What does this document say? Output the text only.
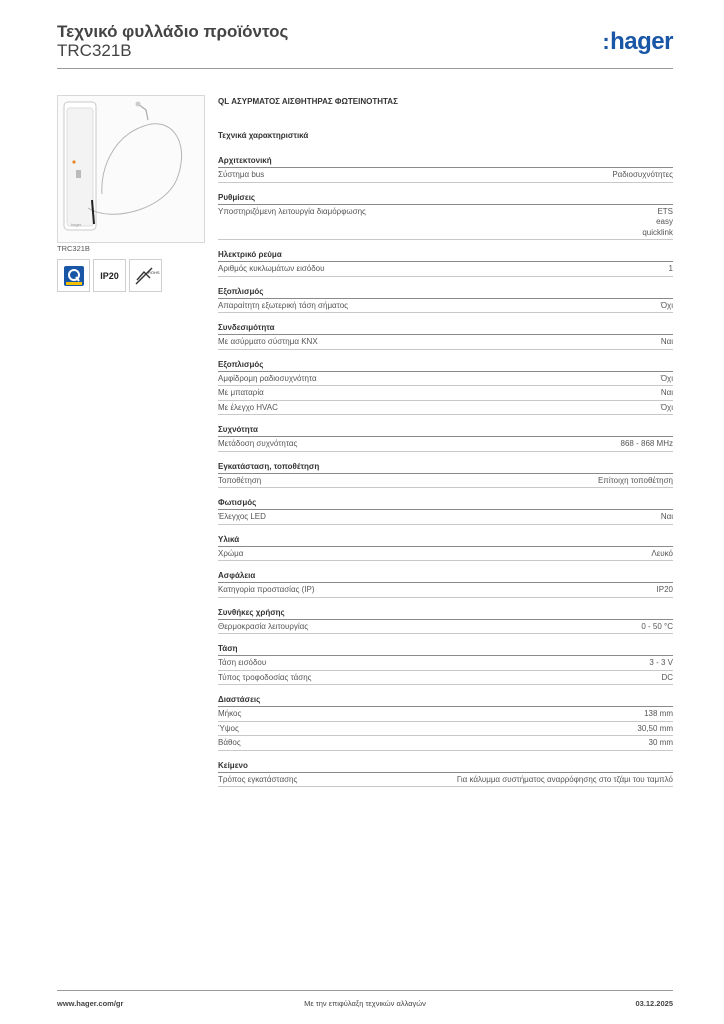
Τεχνικό φυλλάδιο προϊόντος
TRC321B	:hager
hager
TRC321B
IP20	ROHS
QL ΑΣΥΡΜΑΤΟΣ ΑΙΣΘΗΤΗΡΑΣ ΦΩΤΕΙΝΟΤΗΤΑΣ
Τεχνικά χαρακτηριστικά
Αρχιτεκτονική
Σύστημα bus	Ραδιοσυχνότητες
Ρυθμίσεις
Υποστηριζόμενη λειτουργία διαμόρφωσης	ETS
easy
quicklink
Ηλεκτρικό ρεύμα
Αριθμός κυκλωμάτων εισόδου	1
Εξοπλισμός
Απαραίτητη εξωτερική τάση σήματος	Όχι
Συνδεσιμότητα
Με ασύρματο σύστημα KNX	Ναι
Εξοπλισμός
Αμφίδρομη ραδιοσυχνότητα	Όχι
Με μπαταρία	Ναι
Με έλεγχο HVAC	Όχι
Συχνότητα
Μετάδοση συχνότητας	868 - 868 MHz
Εγκατάσταση, τοποθέτηση
Τοποθέτηση	Επίτοιχη τοποθέτηση
Φωτισμός
Έλεγχος LED	Ναι
Υλικά
Χρώμα	Λευκό
Ασφάλεια
Κατηγορία προστασίας (IP)	IP20
Συνθήκες χρήσης
Θερμοκρασία λειτουργίας	0 - 50 °C
Τάση
Τάση εισόδου	3 - 3 V
Τύπος τροφοδοσίας τάσης	DC
Διαστάσεις
Μήκος	138 mm
Ύψος	30,50 mm
Βάθος	30 mm
Κείμενο
Τρόπος εγκατάστασης	Για κάλυμμα συστήματος αναρρόφησης στο τζάμι του ταμπλό
www.hager.com/gr	Με την επιφύλαξη τεχνικών αλλαγών	03.12.2025
